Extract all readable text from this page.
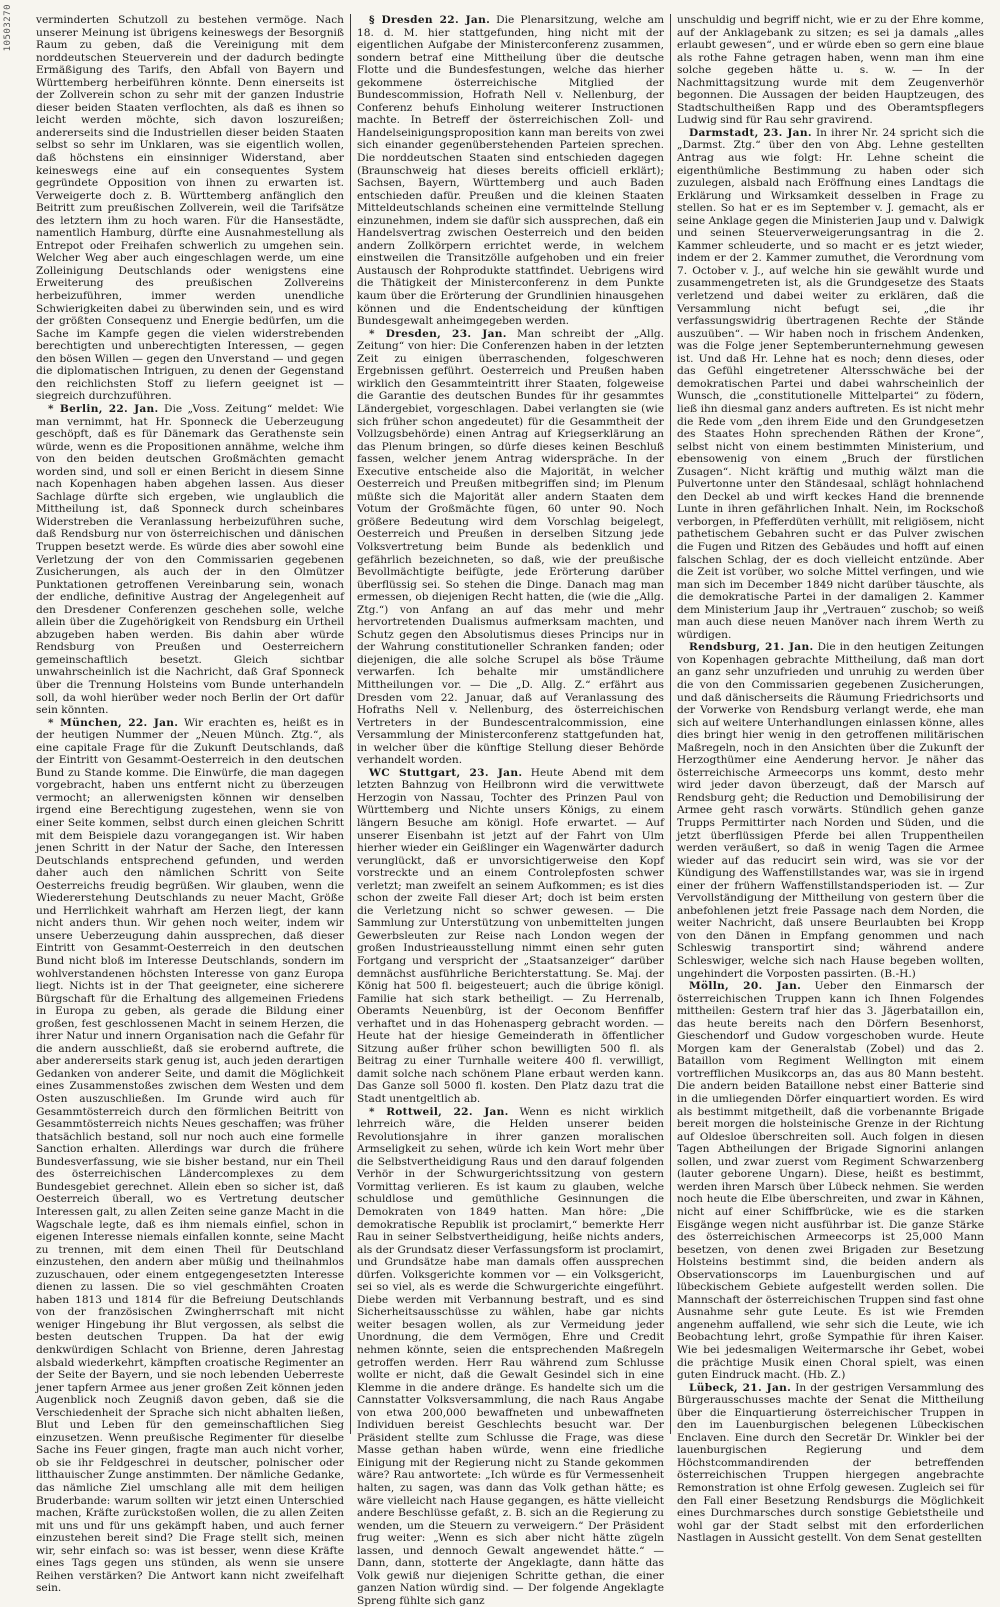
10503270 verminderten Schutzoll zu bestehen vermöge. Nach unserer Meinung ist übrigens keineswegs der Besorgniß Raum zu geben, daß die Vereinigung mit dem norddeutschen Steuerverein und der dadurch bedingte Ermäßigung des Tarifs, den Abfall von Bayern und Württemberg herbeiführen könnte. Denn einerseits ist der Zollverein schon zu sehr mit der ganzen Industrie dieser beiden Staaten verflochten, als daß es ihnen so leicht werden möchte, sich davon loszureißen; andererseits sind die Industriellen dieser beiden Staaten selbst so sehr im Unklaren, was sie eigentlich wollen, daß höchstens ein einsinniger Widerstand, aber keineswegs eine auf ein consequentes System gegründete Opposition von ihnen zu erwarten ist. Verweigerte doch z. B. Württemberg anfänglich den Beitritt zum preußischen Zollverein, weil die Tarifsätze des letztern ihm zu hoch waren. Für die Hansestädte, namentlich Hamburg, dürfte eine Ausnahmestellung als Entrepot oder Freihafen schwerlich zu umgehen sein. Welcher Weg aber auch eingeschlagen werde, um eine Zolleinigung Deutschlands oder wenigstens eine Erweiterung des preußischen Zollvereins herbeizuführen, immer werden unendliche Schwierigkeiten dabei zu überwinden sein, und es wird der größten Consequenz und Energie bedürfen, um die Sache im Kampfe gegen die vielen widerstrebenden berechtigten und unberechtigten Interessen, — gegen den bösen Willen — gegen den Unverstand — und gegen die diplomatischen Intriguen, zu denen der Gegenstand den reichlichsten Stoff zu liefern geeignet ist — siegreich durchzuführen.

* Berlin, 22. Jan. Die „Voss. Zeitung“ meldet: Wie man vernimmt, hat Hr. Sponneck die Ueberzeugung geschöpft, daß es für Dänemark das Gerathenste sein würde, wenn es die Propositionen annähme, welche ihm von den beiden deutschen Großmächten gemacht worden sind, und soll er einen Bericht in diesem Sinne nach Kopenhagen haben abgehen lassen. Aus dieser Sachlage dürfte sich ergeben, wie unglaublich die Mittheilung ist, daß Sponneck durch scheinbares Widerstreben die Veranlassung herbeizuführen suche, daß Rendsburg nur von österreichischen und dänischen Truppen besetzt werde. Es würde dies aber sowohl eine Verletzung der von den Commissarien gegebenen Zusicherungen, als auch der in den Olmützer Punktationen getroffenen Vereinbarung sein, wonach der endliche, definitive Austrag der Angelegenheit auf den Dresdener Conferenzen geschehen solle, welche allein über die Zugehörigkeit von Rendsburg ein Urtheil abzugeben haben werden. Bis dahin aber würde Rendsburg von Preußen und Oesterreichern gemeinschaftlich besetzt. Gleich sichtbar unwahrscheinlich ist die Nachricht, daß Graf Sponneck über die Trennung Holsteins vom Bunde unterhandeln soll, da wohl hierüber weder noch Berlin der Ort dafür sein könnten.

* München, 22. Jan. Wir erachten es, heißt es in der heutigen Nummer der „Neuen Münch. Ztg.“, als eine capitale Frage für die Zukunft Deutschlands, daß der Eintritt von Gesammt-Oesterreich in den deutschen Bund zu Stande komme. Die Einwürfe, die man dagegen vorgebracht, haben uns entfernt nicht zu überzeugen vermocht; an allerwenigsten können wir denselben irgend eine Berechtigung zugestehen, wenn sie von einer Seite kommen, selbst durch einen gleichen Schritt mit dem Beispiele dazu vorangegangen ist. Wir haben jenen Schritt in der Natur der Sache, den Interessen Deutschlands entsprechend gefunden, und werden daher auch den nämlichen Schritt von Seite Oesterreichs freudig begrüßen. Wir glauben, wenn die Wiedererstehung Deutschlands zu neuer Macht, Größe und Herrlichkeit wahrhaft am Herzen liegt, der kann nicht anders thun. Wir gehen noch weiter, indem wir unsere Ueberzeugung dahin aussprechen, daß dieser Eintritt von Gesammt-Oesterreich in den deutschen Bund nicht bloß im Interesse Deutschlands, sondern im wohlverstandenen höchsten Interesse von ganz Europa liegt. Nichts ist in der That geeigneter, eine sicherere Bürgschaft für die Erhaltung des allgemeinen Friedens in Europa zu geben, als gerade die Bildung einer großen, fest geschlossenen Macht in seinem Herzen, die ihrer Natur und innern Organisation nach die Gefahr für die andern ausschließt, daß sie erobernd auftrete, die aber andererseits stark genug ist, auch jeden derartigen Gedanken von anderer Seite, und damit die Möglichkeit eines Zusammenstoßes zwischen dem Westen und dem Osten auszuschließen. Im Grunde wird auch für Gesammtösterreich durch den förmlichen Beitritt von Gesammtösterreich nichts Neues geschaffen; was früher thatsächlich bestand, soll nur noch auch eine formelle Sanction erhalten. Allerdings war durch die frühere Bundesverfassung, wie sie bisher bestand, nur ein Theil des österreichischen Ländercomplexes zu dem Bundesgebiet gerechnet. Allein eben so sicher ist, daß Oesterreich überall, wo es Vertretung deutscher Interessen galt, zu allen Zeiten seine ganze Macht in die Wagschale legte, daß es ihm niemals einfiel, schon in eigenen Interesse niemals einfallen konnte, seine Macht zu trennen, mit dem einen Theil für Deutschland einzustehen, den andern aber müßig und theilnahmlos zuzuschauen, oder einem entgegengesetzten Interesse dienen zu lassen. Die so viel geschmähten Croaten haben 1813 und 1814 für die Befreiung Deutschlands von der französischen Zwingherrschaft mit nicht weniger Hingebung ihr Blut vergossen, als selbst die besten deutschen Truppen. Da hat der ewig denkwürdigen Schlacht von Brienne, deren Jahrestag alsbald wiederkehrt, kämpften croatische Regimenter an der Seite der Bayern, und sie noch lebenden Ueberreste jener tapfern Armee aus jener großen Zeit können jeden Augenblick noch Zeugniß davon geben, daß sie die Verschiedenheit der Sprache sich nicht abhalten ließen, Blut und Leben für den gemeinschaftlichen Sieg einzusetzen. Wenn preußische Regimenter für dieselbe Sache ins Feuer gingen, fragte man auch nicht vorher, ob sie ihr Feldgeschrei in deutscher, polnischer oder litthauischer Zunge anstimmten. Der nämliche Gedanke, das nämliche Ziel umschlang alle mit dem heiligen Bruderbande: warum sollten wir jetzt einen Unterschied machen, Kräfte zurückstoßen wollen, die zu allen Zeiten mit uns und für uns gekämpft haben, und auch ferner einzustehen bereit sind? Die Frage stellt sich, meinen wir, sehr einfach so: was ist besser, wenn diese Kräfte eines Tags gegen uns stünden, als wenn sie unsere Reihen verstärken? Die Antwort kann nicht zweifelhaft sein.

§ Dresden 22. Jan. Die Plenarsitzung, welche am 18. d. M. hier stattgefunden, hing nicht mit der eigentlichen Aufgabe der Ministerconferenz zusammen, sondern betraf eine Mittheilung über die deutsche Flotte und die Bundesfestungen, welche das hierher gekommene österreichische Mitglied der Bundescommission, Hofrath Nell v. Nellenburg, der Conferenz behufs Einholung weiterer Instructionen machte. In Betreff der österreichischen Zoll- und Handelseinigungsproposition kann man bereits von zwei sich einander gegenüberstehenden Parteien sprechen. Die norddeutschen Staaten sind entschieden dagegen (Braunschweig hat dieses bereits officiell erklärt); Sachsen, Bayern, Württemberg und auch Baden entschieden dafür. Preußen und die kleinen Staaten Mitteldeutschlands scheinen eine vermittelnde Stellung einzunehmen, indem sie dafür sich aussprechen, daß ein Handelsvertrag zwischen Oesterreich und den beiden andern Zollkörpern errichtet werde, in welchem einstweilen die Transitzölle aufgehoben und ein freier Austausch der Rohprodukte stattfindet. Uebrigens wird die Thätigkeit der Ministerconferenz in dem Punkte kaum über die Erörterung der Grundlinien hinausgehen können und die Endentscheidung der künftigen Bundesgewalt anheimgegeben werden.

* Dresden, 23. Jan. Man schreibt der „Allg. Zeitung“ von hier: Die Conferenzen haben in der letzten Zeit zu einigen überraschenden, folgeschweren Ergebnissen geführt. Oesterreich und Preußen haben wirklich den Gesammteintritt ihrer Staaten, folgeweise die Garantie des deutschen Bundes für ihr gesammtes Ländergebiet, vorgeschlagen. Dabei verlangten sie (wie sich früher schon angedeutet) für die Gesammtheit der Vollzugsbehörde) einen Antrag auf Kriegserklärung an das Plenum bringen, so dürfe dieses keinen Beschluß fassen, welcher jenem Antrag widerspräche. In der Executive entscheide also die Majorität, in welcher Oesterreich und Preußen mitbegriffen sind; im Plenum müßte sich die Majorität aller andern Staaten dem Votum der Großmächte fügen, 60 unter 90. Noch größere Bedeutung wird dem Vorschlag beigelegt, Oesterreich und Preußen in derselben Sitzung jede Volksvertretung beim Bunde als bedenklich und gefährlich bezeichneten, so daß, wie der preußische Bevollmächtigte beifügte, jede Erörterung darüber überflüssig sei. So stehen die Dinge. Danach mag man ermessen, ob diejenigen Recht hatten, die (wie die „Allg. Ztg.“) von Anfang an auf das mehr und mehr hervortretenden Dualismus aufmerksam machten, und Schutz gegen den Absolutismus dieses Princips nur in der Wahrung constitutioneller Schranken fanden; oder diejenigen, die alle solche Scrupel als böse Träume verwarfen. Ich behalte mir umständlichere Mittheilungen vor. — Die „D. Allg. Z.“ erfährt aus Dresden vom 22. Januar, daß auf Veranlassung des Hofraths Nell v. Nellenburg, des österreichischen Vertreters in der Bundescentralcommission, eine Versammlung der Ministerconferenz stattgefunden hat, in welcher über die künftige Stellung dieser Behörde verhandelt worden.

WC Stuttgart, 23. Jan. Heute Abend mit dem letzten Bahnzug von Heilbronn wird die verwittwete Herzogin von Nassau, Tochter des Prinzen Paul von Württemberg und Nichte unsers Königs, zu einem längern Besuche am königl. Hofe erwartet. — Auf unserer Eisenbahn ist jetzt auf der Fahrt von Ulm hierher wieder ein Geißlinger ein Wagenwärter dadurch verunglückt, daß er unvorsichtigerweise den Kopf vorstreckte und an einem Controlepfosten schwer verletzt; man zweifelt an seinem Aufkommen; es ist dies schon der zweite Fall dieser Art; doch ist beim ersten die Verletzung nicht so schwer gewesen. — Die Sammlung zur Unterstützung von unbemittelten jungen Gewerbsleuten zur Reise nach London wegen der großen Industrieausstellung nimmt einen sehr guten Fortgang und verspricht der „Staatsanzeiger“ darüber demnächst ausführliche Berichterstattung. Se. Maj. der König hat 500 fl. beigesteuert; auch die übrige königl. Familie hat sich stark betheiligt. — Zu Herrenalb, Oberamts Neuenbürg, ist der Oeconom Benfiffer verhaftet und in das Hohenasperg gebracht worden. — Heute hat der hiesige Gemeinderath in öffentlicher Sitzung außer früher schon bewilligten 500 fl. als Beitrag zu einer Turnhalle weitere 400 fl. verwilligt, damit solche nach schönem Plane erbaut werden kann. Das Ganze soll 5000 fl. kosten. Den Platz dazu trat die Stadt unentgeltlich ab.

* Rottweil, 22. Jan. Wenn es nicht wirklich lehrreich wäre, die Helden unserer beiden Revolutionsjahre in ihrer ganzen moralischen Armseligkeit zu sehen, würde ich kein Wort mehr über die Selbstvertheidigung Raus und den darauf folgenden Verhör in der Schwurgerichtssitzung von gestern Vormittag verlieren. Es ist kaum zu glauben, welche schuldlose und gemüthliche Gesinnungen die Demokraten von 1849 hatten. Man höre: „Die demokratische Republik ist proclamirt,“ bemerkte Herr Rau in seiner Selbstvertheidigung, heiße nichts anders, als der Grundsatz dieser Verfassungsform ist proclamirt, und Grundsätze habe man damals offen aussprechen dürfen. Volksgerichte kommen vor — ein Volksgericht, sei so viel, als es werde die Schwurgerichte eingeführt. Diebe werden mit Verbannung bestraft, und es sind Sicherheitsausschüsse zu wählen, habe gar nichts weiter besagen wollen, als zur Vermeidung jeder Unordnung, die dem Vermögen, Ehre und Credit nehmen könnte, seien die entsprechenden Maßregeln getroffen werden. Herr Rau während zum Schlusse wollte er nicht, daß die Gewalt Gesindel sich in eine Klemme in die andere dränge. Es handelte sich um die Cannstatter Volksversammlung, die nach Raus Angabe von etwa 200,000 bewaffneten und unbewaffneten Individuen bereist Geschlechts besucht war. Der Präsident stellte zum Schlusse die Frage, was diese Masse gethan haben würde, wenn eine friedliche Einigung mit der Regierung nicht zu Stande gekommen wäre? Rau antwortete: „Ich würde es für Vermessenheit halten, zu sagen, was dann das Volk gethan hätte; es wäre vielleicht nach Hause gegangen, es hätte vielleicht andere Beschlüsse gefaßt, z. B. sich an die Regierung zu wenden, um die Steuern zu verweigern.“ Der Präsident frug weiter: „Wenn es sich aber nicht hätte zügeln lassen, und dennoch Gewalt angewendet hätte.“ — Dann, dann, stotterte der Angeklagte, dann hätte das Volk gewiß nur diejenigen Schritte gethan, die einer ganzen Nation würdig sind. — Der folgende Angeklagte Spreng fühlte sich ganz

unschuldig und begriff nicht, wie er zu der Ehre komme, auf der Anklagebank zu sitzen; es sei ja damals „alles erlaubt gewesen“, und er würde eben so gern eine blaue als rothe Fahne getragen haben, wenn man ihm eine solche gegeben hätte u. s. w. — In der Nachmittagsitzung wurde mit dem Zeugenverhör begonnen. Die Aussagen der beiden Hauptzeugen, des Stadtschultheißen Rapp und des Oberamtspflegers Ludwig sind für Rau sehr gravirend.

Darmstadt, 23. Jan. In ihrer Nr. 24 spricht sich die „Darmst. Ztg.“ über den von Abg. Lehne gestellten Antrag aus wie folgt: Hr. Lehne scheint die eigenthümliche Bestimmung zu haben oder sich zuzulegen, alsbald nach Eröffnung eines Landtags die Erklärung und Wirksamkeit desselben in Frage zu stellen. So hat er es im September v. J. gemacht, als er seine Anklage gegen die Ministerien Jaup und v. Dalwigk und seinen Steuerverweigerungsantrag in die 2. Kammer schleuderte, und so macht er es jetzt wieder, indem er der 2. Kammer zumuthet, die Verordnung vom 7. October v. J., auf welche hin sie gewählt wurde und zusammengetreten ist, als die Grundgesetze des Staats verletzend und dabei weiter zu erklären, daß die Versammlung nicht befugt sei, „die ihr verfassungswidrig übertragenen Rechte der Stände auszuüben“. — Wir haben noch in frischem Andenken, was die Folge jener Septemberunternehmung gewesen ist. Und daß Hr. Lehne hat es noch; denn dieses, oder das Gefühl eingetretener Altersschwäche bei der demokratischen Partei und dabei wahrscheinlich der Wunsch, die „constitutionelle Mittelpartei“ zu födern, ließ ihn diesmal ganz anders auftreten. Es ist nicht mehr die Rede vom „den ihrem Eide und den Grundgesetzen des Staates Hohn sprechenden Räthen der Krone“, selbst nicht von einem bestimmten Ministerium, und ebensowenig von einem „Bruch der fürstlichen Zusagen“. Nicht kräftig und muthig wälzt man die Pulvertonne unter den Ständesaal, schlägt hohnlachend den Deckel ab und wirft keckes Hand die brennende Lunte in ihren gefährlichen Inhalt. Nein, im Rockschoß verborgen, in Pfefferdüten verhüllt, mit religiösem, nicht pathetischem Gebahren sucht er das Pulver zwischen die Fugen und Ritzen des Gebäudes und hofft auf einen falschen Schlag, der es doch vielleicht entzünde. Aber die Zeit ist vorüber, wo solche Mittel verfingen, und wie man sich im December 1849 nicht darüber täuschte, als die demokratische Partei in der damaligen 2. Kammer dem Ministerium Jaup ihr „Vertrauen“ zuschob; so weiß man auch diese neuen Manöver nach ihrem Werth zu würdigen.

Rendsburg, 21. Jan. Die in den heutigen Zeitungen von Kopenhagen gebrachte Mittheilung, daß man dort an ganz sehr unzufrieden und unruhig zu werden über die von den Commissarien gegebenen Zusicherungen, und daß dänischerseits die Räumung Friedrichsorts und der Vorwerke von Rendsburg verlangt werde, ehe man sich auf weitere Unterhandlungen einlassen könne, alles dies bringt hier wenig in den getroffenen militärischen Maßregeln, noch in den Ansichten über die Zukunft der Herzogthümer eine Aenderung hervor. Je näher das österreichische Armeecorps uns kommt, desto mehr wird jeder davon überzeugt, daß der Marsch auf Rendsburg geht; die Reduction und Demobilisirung der Armee geht rasch vorwärts. Stündlich gehen ganze Trupps Permittirter nach Norden und Süden, und die jetzt überflüssigen Pferde bei allen Truppentheilen werden veräußert, so daß in wenig Tagen die Armee wieder auf das reducirt sein wird, was sie vor der Kündigung des Waffenstillstandes war, was sie in irgend einer der frühern Waffenstillstandsperioden ist. — Zur Vervollständigung der Mittheilung von gestern über die anbefohlenen jetzt freie Passage nach dem Norden, die weiter Nachricht, daß unsere Beurlaubten bei Kropp von den Dänen in Empfang genommen und nach Schleswig transportirt sind; während andere Schleswiger, welche sich nach Hause begeben wollten, ungehindert die Vorposten passirten. (B.-H.)

Mölln, 20. Jan. Ueber den Einmarsch der österreichischen Truppen kann ich Ihnen Folgendes mittheilen: Gestern traf hier das 3. Jägerbataillon ein, das heute bereits nach den Dörfern Besenhorst, Gieschendorf und Gudow vorgeschoben wurde. Heute Morgen kam der Generalstab (Zobel) und das 2. Bataillon vom Regiment Wellington mit einem vortrefflichen Musikcorps an, das aus 80 Mann besteht. Die andern beiden Bataillone nebst einer Batterie sind in die umliegenden Dörfer einquartiert worden. Es wird als bestimmt mitgetheilt, daß die vorbenannte Brigade bereit morgen die holsteinische Grenze in der Richtung auf Oldesloe überschreiten soll. Auch folgen in diesen Tagen Abtheilungen der Brigade Signorini anlangen sollen, und zwar zuerst vom Regiment Schwarzenberg (lauter geborene Ungarn). Diese, heißt es bestimmt, werden ihren Marsch über Lübeck nehmen. Sie werden noch heute die Elbe überschreiten, und zwar in Kähnen, nicht auf einer Schiffbrücke, wie es die starken Eisgänge wegen nicht ausführbar ist. Die ganze Stärke des österreichischen Armeecorps ist 25,000 Mann besetzen, von denen zwei Brigaden zur Besetzung Holsteins bestimmt sind, die beiden andern als Observationscorps im Lauenburgischen und auf lübeckischem Gebiete aufgestellt werden sollen. Die Mannschaft der österreichischen Truppen sind fast ohne Ausnahme sehr gute Leute. Es ist wie Fremden angenehm auffallend, wie sehr sich die Leute, wie ich Beobachtung lehrt, große Sympathie für ihren Kaiser. Wie bei jedesmaligen Weitermarsche ihr Gebet, wobei die prächtige Musik einen Choral spielt, was einen guten Eindruck macht. (Hb. Z.)

Lübeck, 21. Jan. In der gestrigen Versammlung des Bürgerausschusses machte der Senat die Mittheilung über die Einquartierung österreichischer Truppen in den im Lauenburgischen belegenen Lübeckischen Enclaven. Eine durch den Secretär Dr. Winkler bei der lauenburgischen Regierung und dem Höchstcommandirenden der betreffenden österreichischen Truppen hiergegen angebrachte Remonstration ist ohne Erfolg gewesen. Zugleich sei für den Fall einer Besetzung Rendsburgs die Möglichkeit eines Durchmarsches durch sonstige Gebietstheile und wohl gar der Stadt selbst mit den erforderlichen Nastlagen in Aussicht gestellt. Von dem Senat gestellten
